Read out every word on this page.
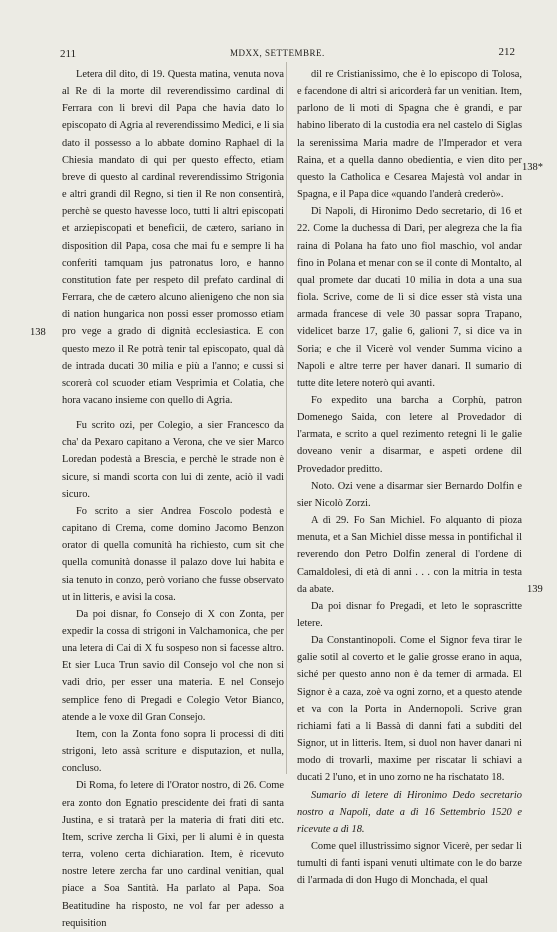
211	MDXX, SETTEMBRE.	212

Letera dil dito, di 19. Questa matina, venuta nova al Re di la morte dil reverendissimo cardinal di Ferrara con li brevi dil Papa che havia dato lo episcopato di Agria al reverendissimo Medici, e li sia dato il possesso a lo abbate domino Raphael di la Chiesia mandato di qui per questo effecto, etiam breve di questo al cardinal reverendissimo Strigonia e altri grandi dil Regno, si tien il Re non consentirà, perchè se questo havesse loco, tutti li altri episcopati et arziepiscopati et beneficii, de cætero, sariano in disposition dil Papa, cosa che mai fu e sempre li ha conferiti tamquam jus patronatus loro, e hanno constitution fate per respeto dil prefato cardinal di Ferrara, che de cætero alcuno alienigeno che non sia di nation hungarica non possi esser promosso etiam pro vege a grado di dignità ecclesiastica. E con questo mezo il Re potrà tenir tal episcopato, qual dà de intrada ducati 30 milia e più a l'anno; e cussi si scorerà col scuoder etiam Vesprimia et Colatia, che hora vacano insieme con quello di Agria.

Fu scrito ozi, per Colegio, a sier Francesco da cha' da Pexaro capitano a Verona, che ve sier Marco Loredan podestà a Brescia, e perchè le strade non è sicure, si mandi scorta con lui di zente, aciò il vadi sicuro.

Fo scrito a sier Andrea Foscolo podestà e capitano di Crema, come domino Jacomo Benzon orator di quella comunità ha richiesto, cum sit che quella comunità donasse il palazo dove lui habita e sia tenuto in conzo, però voriano che fusse observato ut in litteris, e avisi la cosa.

Da poi disnar, fo Consejo di X con Zonta, per expedir la cossa di strigoni in Valchamonica, che per una letera di Cai di X fu sospeso non si facesse altro. Et sier Luca Trun savio dil Consejo vol che non si vadi drio, per esser una materia. E nel Consejo semplice feno di Pregadi e Colegio Vetor Bianco, atende a le voxe dil Gran Consejo.

Item, con la Zonta fono sopra li processi di diti strigoni, leto assà scriture e disputazion, et nulla, concluso.

Di Roma, fo letere di l'Orator nostro, di 26. Come era zonto don Egnatio prescidente dei frati di santa Justina, e si tratarà per la materia di frati diti etc. Item, scrive zercha li Gixi, per li alumi è in questa terra, voleno certa dichiaration. Item, è ricevuto nostre letere zercha far uno cardinal venitian, qual piace a Soa Santità. Ha parlato al Papa. Soa Beatitudine ha risposto, ne vol far per adesso a requisition

dil re Cristianissimo, che è lo episcopo di Tolosa, e facendone di altri si aricorderà far un venitian. Item, parlono de li moti di Spagna che è grandi, e par habino liberato di la custodia era nel castelo di Siglas la serenissima Maria madre de l'Imperador et vera Raina, et a quella danno obedientia, e vien dito per questo la Catholica e Cesarea Majestà vol andar in Spagna, e il Papa dice «quando l'anderà crederò».

Di Napoli, di Hironimo Dedo secretario, di 16 et 22. Come la duchessa di Dari, per alegreza che la fia raina di Polana ha fato uno fiol maschio, vol andar fino in Polana et menar con se il conte di Montalto, al qual promete dar ducati 10 milia in dota a una sua fiola. Scrive, come de lì si dice esser stà vista una armada francese di vele 30 passar sopra Trapano, videlicet barze 17, galie 6, galioni 7, si dice va in Soria; e che il Vicerè vol vender Summa vicino a Napoli e altre terre per haver danari. Il sumario di tutte dite letere noterò qui avanti.

Fo expedito una barcha a Corphù, patron Domenego Saida, con letere al Provedador di l'armata, e scrito a quel rezimento retegni li le galie doveano venir a disarmar, e aspeti ordene dil Provedador preditto.

Noto. Ozi vene a disarmar sier Bernardo Dolfin e sier Nicolò Zorzi.

A dì 29. Fo San Michiel. Fo alquanto di pioza menuta, et a San Michiel disse messa in pontifichal il reverendo don Petro Dolfin zeneral di l'ordene di Camaldolesi, di età di anni . . . con la mitria in testa da abate.

Da poi disnar fo Pregadi, et leto le soprascritte letere.

Da Constantinopoli. Come el Signor feva tirar le galie sotil al coverto et le galie grosse erano in aqua, siché per questo anno non è da temer di armada. El Signor è a caza, zoè va ogni zorno, et a questo atende et va con la Porta in Andernopoli. Scrive gran richiami fati a li Bassà di danni fati a subditi del Signor, ut in litteris. Item, si duol non haver danari ni modo di trovarli, maxime per riscatar li schiavi a ducati 2 l'uno, et in uno zorno ne ha rischatato 18.

Sumario di letere di Hironimo Dedo secretario nostro a Napoli, date a dì 16 Settembrio 1520 e ricevute a dì 18.

Come quel illustrissimo signor Vicerè, per sedar li tumulti di fanti ispani venuti ultimate con le do barze di l'armada di don Hugo di Monchada, el qual

138
138*
139
